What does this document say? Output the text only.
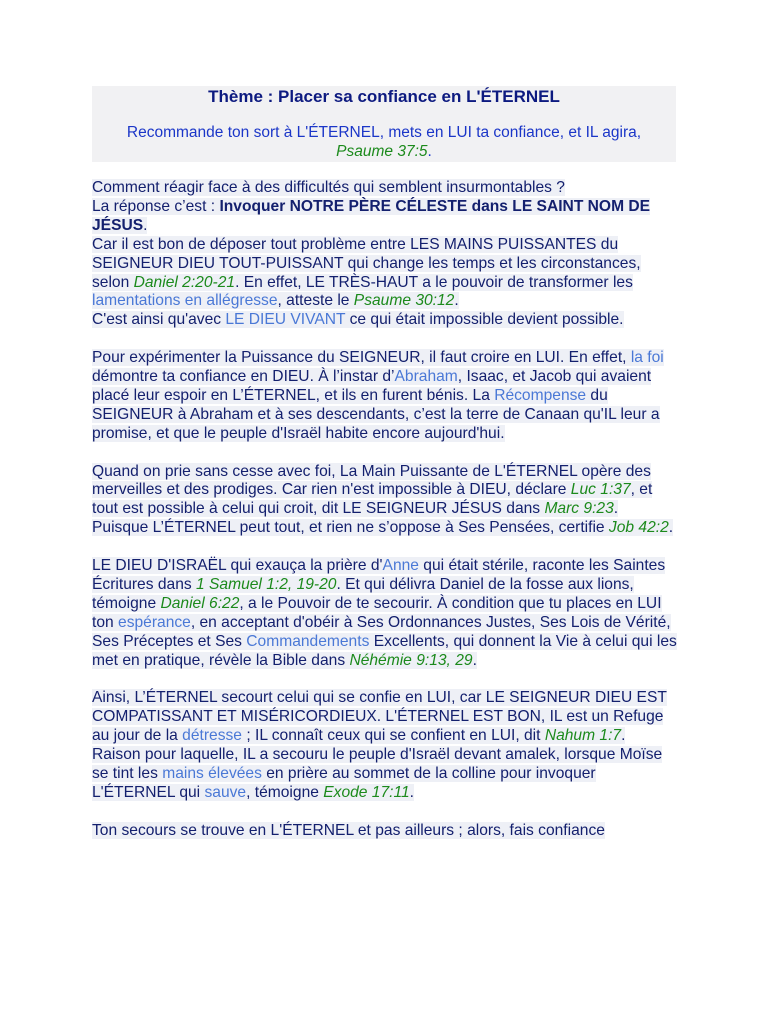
Thème : Placer sa confiance en L'ÉTERNEL
Recommande ton sort à L'ÉTERNEL, mets en LUI ta confiance, et IL agira,
Psaume 37:5.

Comment réagir face à des difficultés qui semblent insurmontables ?
La réponse c’est : Invoquer NOTRE PÈRE CÉLESTE dans LE SAINT NOM DE JÉSUS.
Car il est bon de déposer tout problème entre LES MAINS PUISSANTES du SEIGNEUR DIEU TOUT-PUISSANT qui change les temps et les circonstances, selon Daniel 2:20-21. En effet, LE TRÈS-HAUT a le pouvoir de transformer les lamentations en allégresse, atteste le Psaume 30:12.
C'est ainsi qu'avec LE DIEU VIVANT ce qui était impossible devient possible.

Pour expérimenter la Puissance du SEIGNEUR, il faut croire en LUI. En effet, la foi démontre ta confiance en DIEU. À l’instar d’Abraham, Isaac, et Jacob qui avaient placé leur espoir en L’ÉTERNEL, et ils en furent bénis. La Récompense du SEIGNEUR à Abraham et à ses descendants, c’est la terre de Canaan qu'IL leur a promise, et que le peuple d'Israël habite encore aujourd'hui.

Quand on prie sans cesse avec foi, La Main Puissante de L'ÉTERNEL opère des merveilles et des prodiges. Car rien n'est impossible à DIEU, déclare Luc 1:37, et tout est possible à celui qui croit, dit LE SEIGNEUR JÉSUS dans Marc 9:23. Puisque L’ÉTERNEL peut tout, et rien ne s’oppose à Ses Pensées, certifie Job 42:2.

LE DIEU D'ISRAËL qui exauça la prière d'Anne qui était stérile, raconte les Saintes Écritures dans 1 Samuel 1:2, 19-20. Et qui délivra Daniel de la fosse aux lions, témoigne Daniel 6:22, a le Pouvoir de te secourir. À condition que tu places en LUI ton espérance, en acceptant d'obéir à Ses Ordonnances Justes, Ses Lois de Vérité, Ses Préceptes et Ses Commandements Excellents, qui donnent la Vie à celui qui les met en pratique, révèle la Bible dans Néhémie 9:13, 29.

Ainsi, L’ÉTERNEL secourt celui qui se confie en LUI, car LE SEIGNEUR DIEU EST COMPATISSANT ET MISÉRICORDIEUX. L'ÉTERNEL EST BON, IL est un Refuge au jour de la détresse ; IL connaît ceux qui se confient en LUI, dit Nahum 1:7. Raison pour laquelle, IL a secouru le peuple d'Israël devant amalek, lorsque Moïse se tint les mains élevées en prière au sommet de la colline pour invoquer L'ÉTERNEL qui sauve, témoigne Exode 17:11.

Ton secours se trouve en L'ÉTERNEL et pas ailleurs ; alors, fais confiance
